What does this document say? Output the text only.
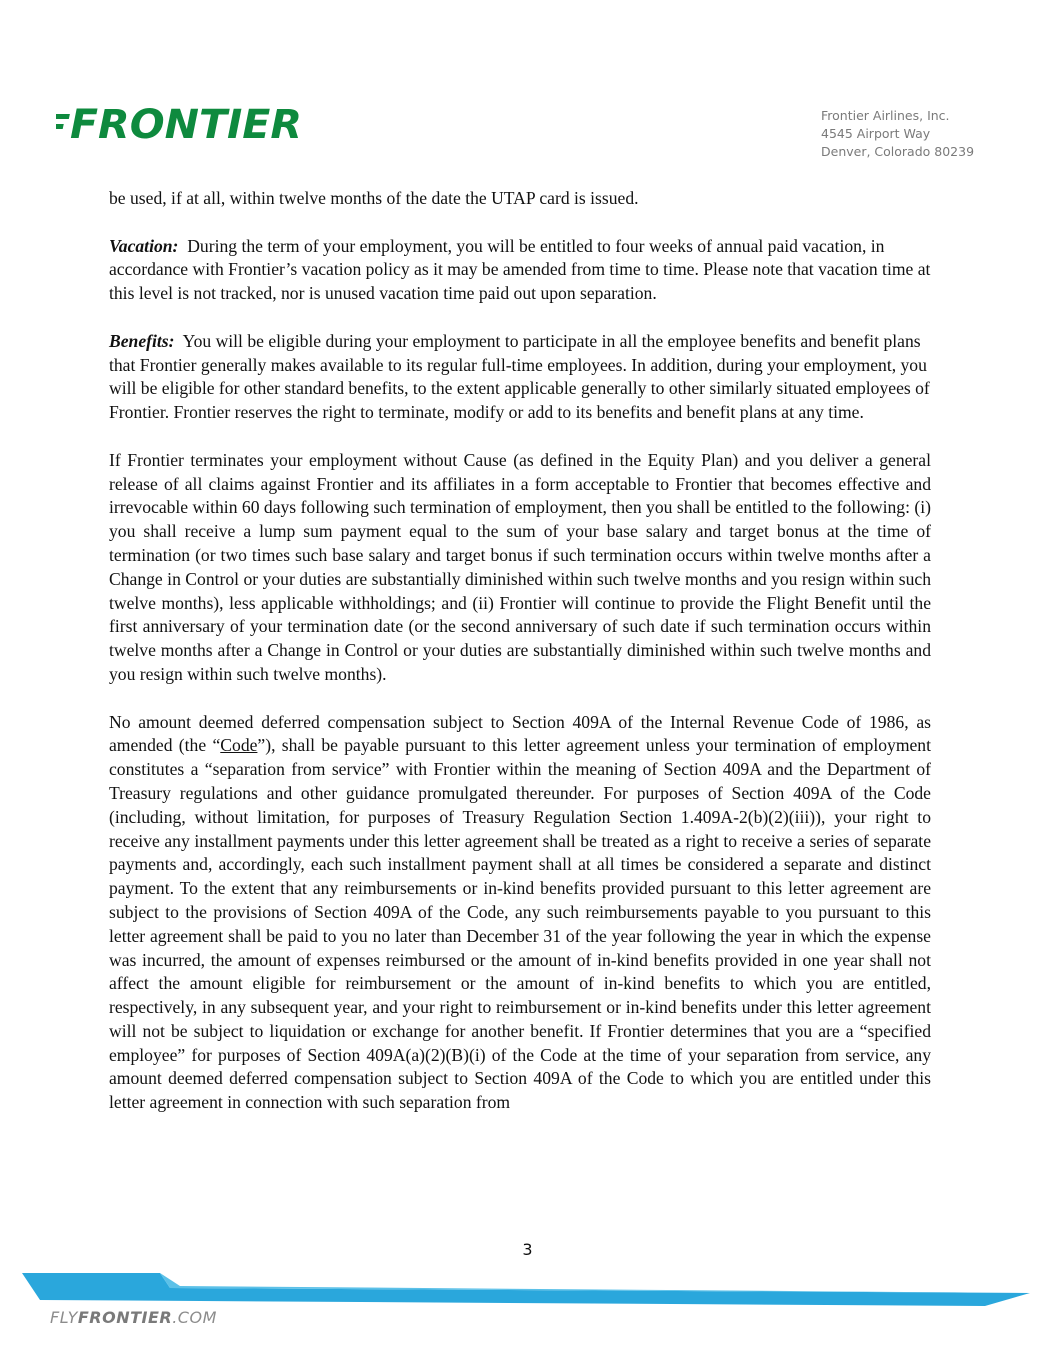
FRONTIER	Frontier Airlines, Inc.
4545 Airport Way
Denver, Colorado 80239

be used, if at all, within twelve months of the date the UTAP card is issued.

Vacation: During the term of your employment, you will be entitled to four weeks of annual paid vacation, in accordance with Frontier’s vacation policy as it may be amended from time to time. Please note that vacation time at this level is not tracked, nor is unused vacation time paid out upon separation.

Benefits: You will be eligible during your employment to participate in all the employee benefits and benefit plans that Frontier generally makes available to its regular full-time employees. In addition, during your employment, you will be eligible for other standard benefits, to the extent applicable generally to other similarly situated employees of Frontier. Frontier reserves the right to terminate, modify or add to its benefits and benefit plans at any time.

If Frontier terminates your employment without Cause (as defined in the Equity Plan) and you deliver a general release of all claims against Frontier and its affiliates in a form acceptable to Frontier that becomes effective and irrevocable within 60 days following such termination of employment, then you shall be entitled to the following: (i) you shall receive a lump sum payment equal to the sum of your base salary and target bonus at the time of termination (or two times such base salary and target bonus if such termination occurs within twelve months after a Change in Control or your duties are substantially diminished within such twelve months and you resign within such twelve months), less applicable withholdings; and (ii) Frontier will continue to provide the Flight Benefit until the first anniversary of your termination date (or the second anniversary of such date if such termination occurs within twelve months after a Change in Control or your duties are substantially diminished within such twelve months and you resign within such twelve months).

No amount deemed deferred compensation subject to Section 409A of the Internal Revenue Code of 1986, as amended (the “Code”), shall be payable pursuant to this letter agreement unless your termination of employment constitutes a “separation from service” with Frontier within the meaning of Section 409A and the Department of Treasury regulations and other guidance promulgated thereunder. For purposes of Section 409A of the Code (including, without limitation, for purposes of Treasury Regulation Section 1.409A-2(b)(2)(iii)), your right to receive any installment payments under this letter agreement shall be treated as a right to receive a series of separate payments and, accordingly, each such installment payment shall at all times be considered a separate and distinct payment. To the extent that any reimbursements or in-kind benefits provided pursuant to this letter agreement are subject to the provisions of Section 409A of the Code, any such reimbursements payable to you pursuant to this letter agreement shall be paid to you no later than December 31 of the year following the year in which the expense was incurred, the amount of expenses reimbursed or the amount of in-kind benefits provided in one year shall not affect the amount eligible for reimbursement or the amount of in-kind benefits to which you are entitled, respectively, in any subsequent year, and your right to reimbursement or in-kind benefits under this letter agreement will not be subject to liquidation or exchange for another benefit. If Frontier determines that you are a “specified employee” for purposes of Section 409A(a)(2)(B)(i) of the Code at the time of your separation from service, any amount deemed deferred compensation subject to Section 409A of the Code to which you are entitled under this letter agreement in connection with such separation from

3
FLYFRONTIER.COM
